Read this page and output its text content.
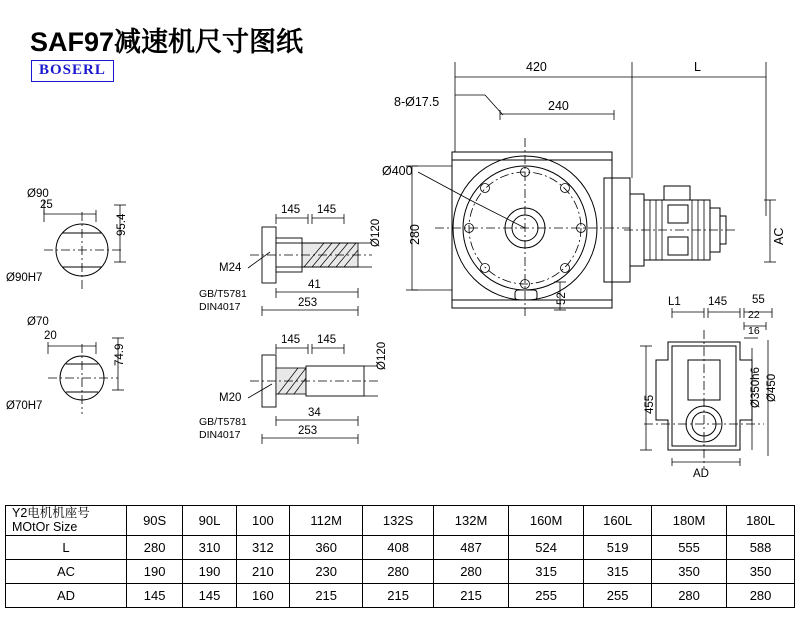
SAF97减速机尺寸图纸
BOSERL
Ø90
25
95.4
Ø90H7
Ø70
20
74.9
Ø70H7
145 145
Ø120
M24
GB/T5781
DIN4017
41
253
145 145
Ø120
M20
GB/T5781
DIN4017
34
253
420	L
8-Ø17.5	240
Ø400
280
52
AC
L1 145 55
22
16
455	Ø350h6 Ø450
AD
Y2电机机座号
MOtOr Size	90S	90L	100	112M	132S	132M	160M	160L	180M	180L
L	280	310	312	360	408	487	524	519	555	588
AC	190	190	210	230	280	280	315	315	350	350
AD	145	145	160	215	215	215	255	255	280	280
